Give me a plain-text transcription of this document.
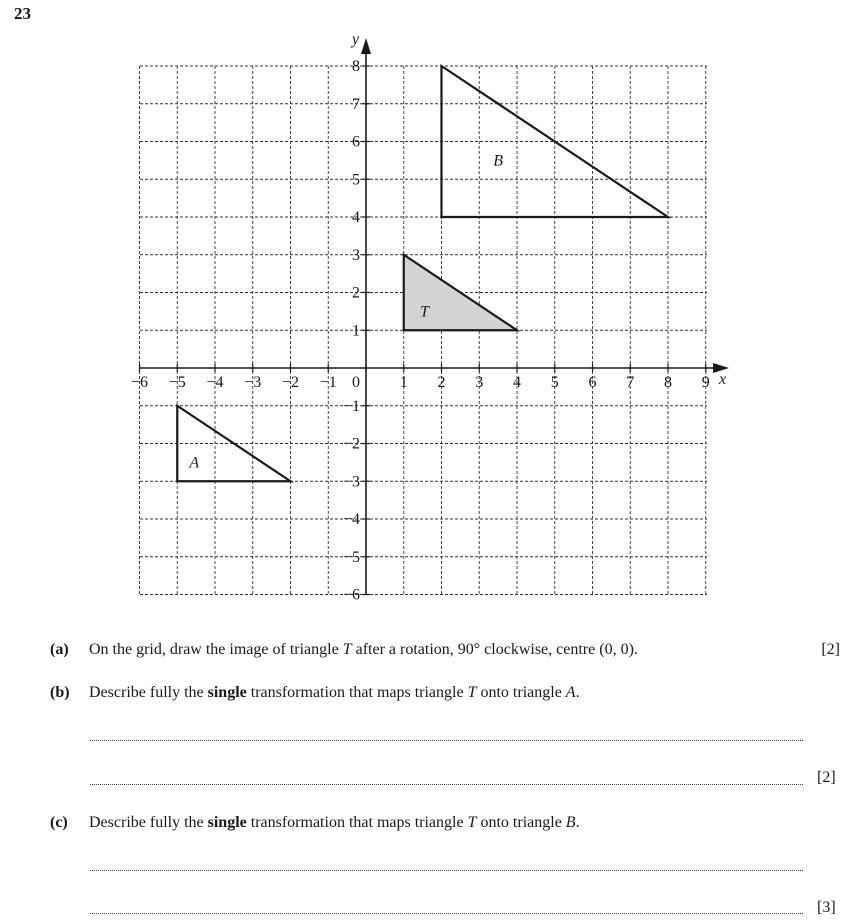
23
x
y
−6 −5 −4 −3 −2 −1	1 2 3 4 5 6 7 8 9
8
7
6
5
4
3
2
1
−1
−2
−3
−4
−5
−6
0
B
T
A
(a) On the grid, draw the image of triangle T after a rotation, 90° clockwise, centre (0, 0).	[2]
(b) Describe fully the single transformation that maps triangle T onto triangle A.
[2]
(c) Describe fully the single transformation that maps triangle T onto triangle B.
[3]
